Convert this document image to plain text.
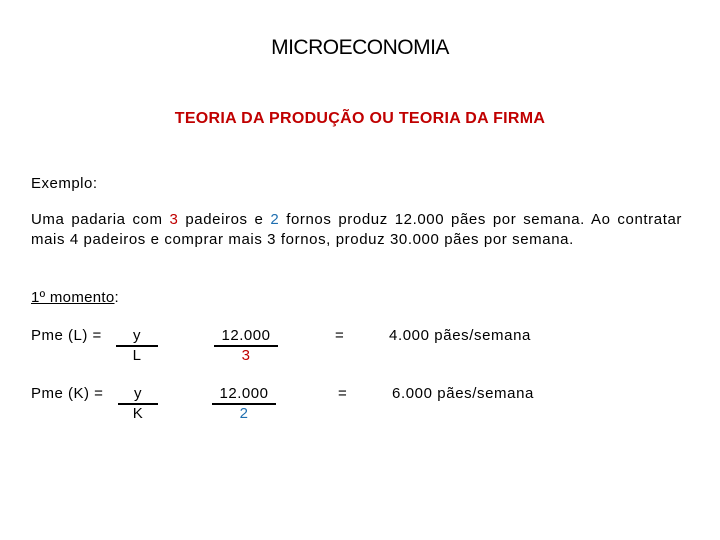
MICROECONOMIA
TEORIA DA PRODUÇÃO OU TEORIA DA FIRMA
Exemplo:
Uma padaria com 3 padeiros e 2 fornos produz 12.000 pães por semana. Ao contratar mais 4 padeiros e comprar mais 3 fornos, produz 30.000 pães por semana.
1º momento:
Pme $(L) = \frac{y}{L}$	$\frac{12.000}{3}$	=	4.000 pães/semana
Pme $(K) = \frac{y}{K}$	$\frac{12.000}{2}$	=	6.000 pães/semana
